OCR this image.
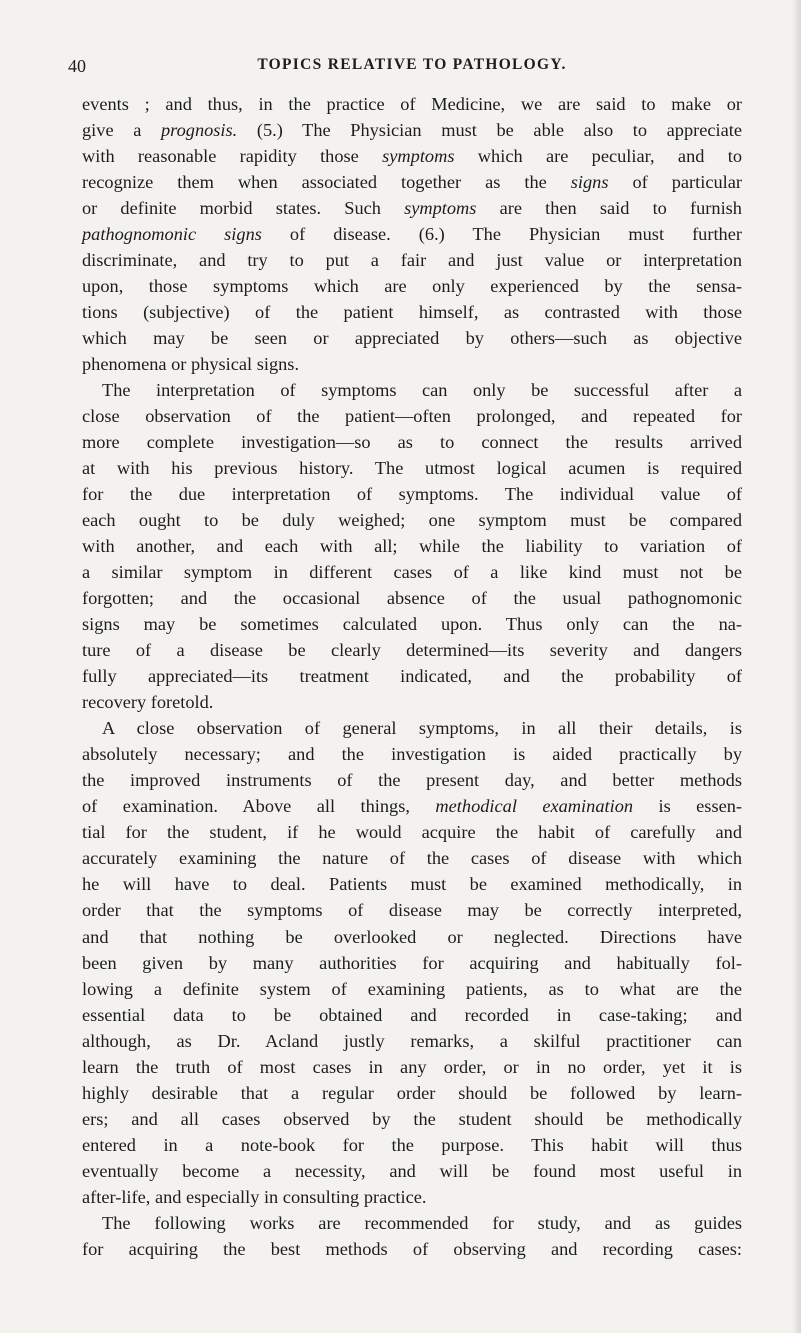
40	TOPICS RELATIVE TO PATHOLOGY.
events ; and thus, in the practice of Medicine, we are said to make or
give a prognosis. (5.) The Physician must be able also to appreciate
with reasonable rapidity those symptoms which are peculiar, and to
recognize them when associated together as the signs of particular
or definite morbid states. Such symptoms are then said to furnish
pathognomonic signs of disease. (6.) The Physician must further
discriminate, and try to put a fair and just value or interpretation
upon, those symptoms which are only experienced by the sensa-
tions (subjective) of the patient himself, as contrasted with those
which may be seen or appreciated by others—such as objective
phenomena or physical signs.
The interpretation of symptoms can only be successful after a
close observation of the patient—often prolonged, and repeated for
more complete investigation—so as to connect the results arrived
at with his previous history. The utmost logical acumen is required
for the due interpretation of symptoms. The individual value of
each ought to be duly weighed; one symptom must be compared
with another, and each with all; while the liability to variation of
a similar symptom in different cases of a like kind must not be
forgotten; and the occasional absence of the usual pathognomonic
signs may be sometimes calculated upon. Thus only can the na-
ture of a disease be clearly determined—its severity and dangers
fully appreciated—its treatment indicated, and the probability of
recovery foretold.
A close observation of general symptoms, in all their details, is
absolutely necessary; and the investigation is aided practically by
the improved instruments of the present day, and better methods
of examination. Above all things, methodical examination is essen-
tial for the student, if he would acquire the habit of carefully and
accurately examining the nature of the cases of disease with which
he will have to deal. Patients must be examined methodically, in
order that the symptoms of disease may be correctly interpreted,
and that nothing be overlooked or neglected. Directions have
been given by many authorities for acquiring and habitually fol-
lowing a definite system of examining patients, as to what are the
essential data to be obtained and recorded in case-taking; and
although, as Dr. Acland justly remarks, a skilful practitioner can
learn the truth of most cases in any order, or in no order, yet it is
highly desirable that a regular order should be followed by learn-
ers; and all cases observed by the student should be methodically
entered in a note-book for the purpose. This habit will thus
eventually become a necessity, and will be found most useful in
after-life, and especially in consulting practice.
The following works are recommended for study, and as guides
for acquiring the best methods of observing and recording cases:
